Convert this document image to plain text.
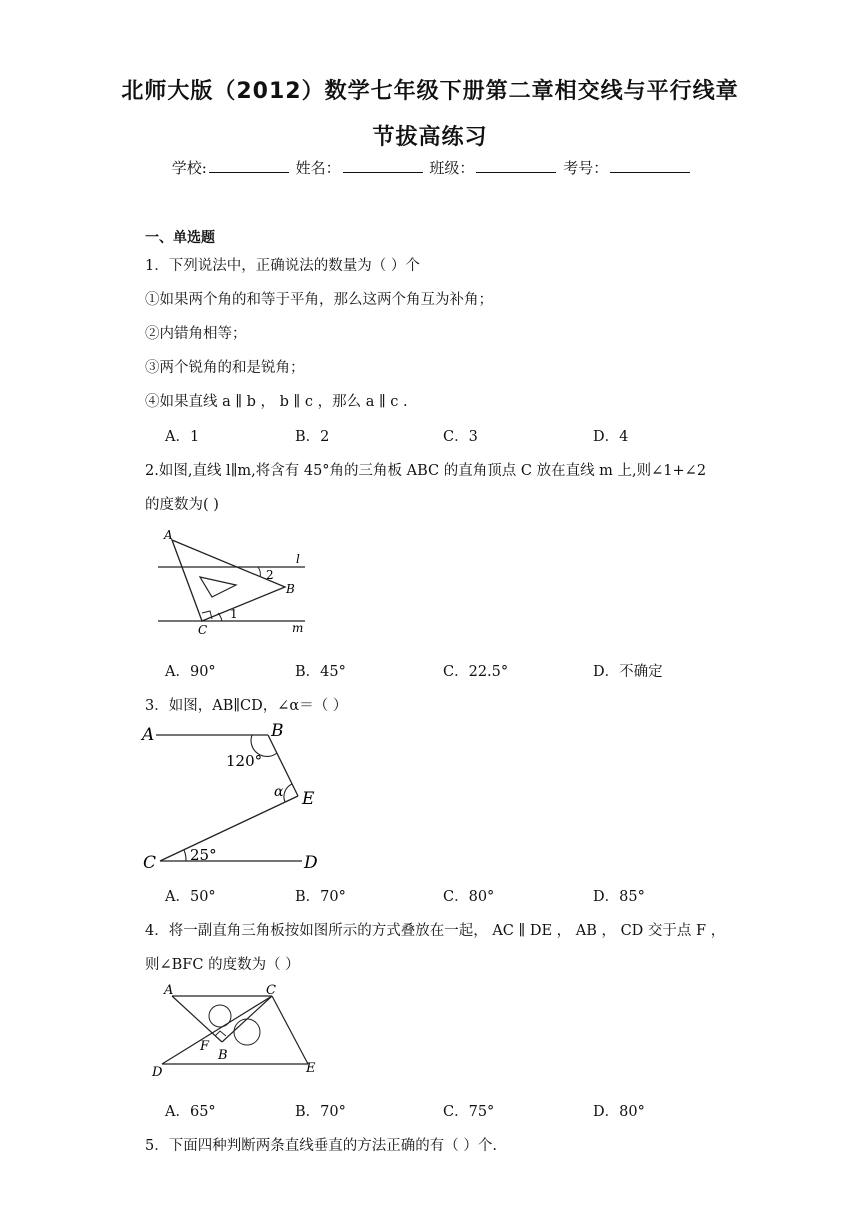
北师大版（2012）数学七年级下册第二章相交线与平行线章
节拔高练习
学校:	姓名：	班级：	考号：
一、单选题
1．下列说法中，正确说法的数量为（ ）个
①如果两个角的和等于平角，那么这两个角互为补角；
②内错角相等；
③两个锐角的和是锐角；
④如果直线 a ∥ b ， b ∥ c ，那么 a ∥ c .
A．1	B．2	C．3	D．4
2.如图,直线 l∥m,将含有 45°角的三角板 ABC 的直角顶点 C 放在直线 m 上,则∠1+∠2
的度数为( )
A
B
C
l
m
2
1
A．90°	B．45°	C．22.5°	D．不确定
3．如图，AB∥CD，∠α＝（ ）
A	B
E
C	D
α
120°
25°
A．50°	B．70°	C．80°	D．85°
4．将一副直角三角板按如图所示的方式叠放在一起， AC ∥ DE ， AB ， CD 交于点 F ，
则∠BFC 的度数为（ ）
A	C
F
B
D	E
A．65°	B．70°	C．75°	D．80°
5．下面四种判断两条直线垂直的方法正确的有（ ）个.
